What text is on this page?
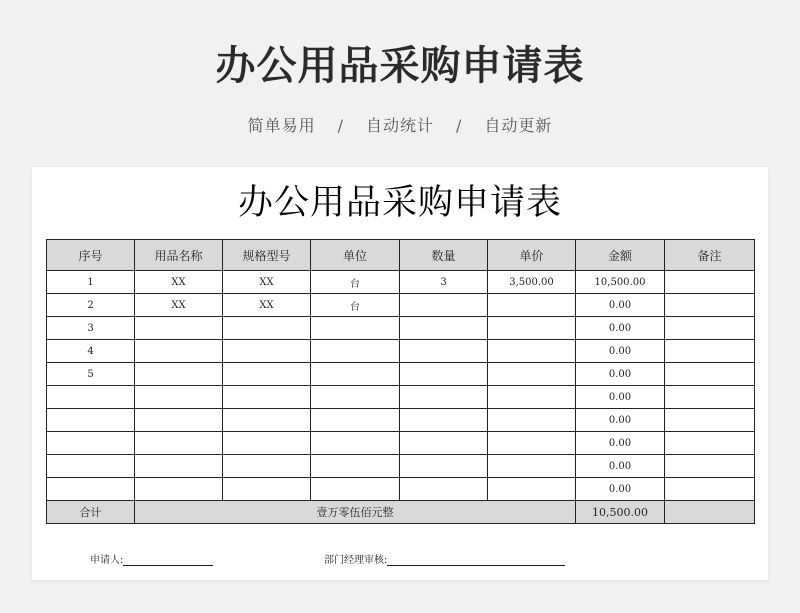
办公用品采购申请表
简单易用 / 自动统计 / 自动更新
办公用品采购申请表
序号	用品名称	规格型号	单位	数量	单价	金额	备注
1	XX	XX	台	3	3,500.00	10,500.00	
2	XX	XX	台			0.00	
3						0.00	
4						0.00	
5						0.00	
						0.00	
						0.00	
						0.00	
						0.00	
						0.00	
合计	壹万零伍佰元整					10,500.00	
申请人:	部门经理审核:
